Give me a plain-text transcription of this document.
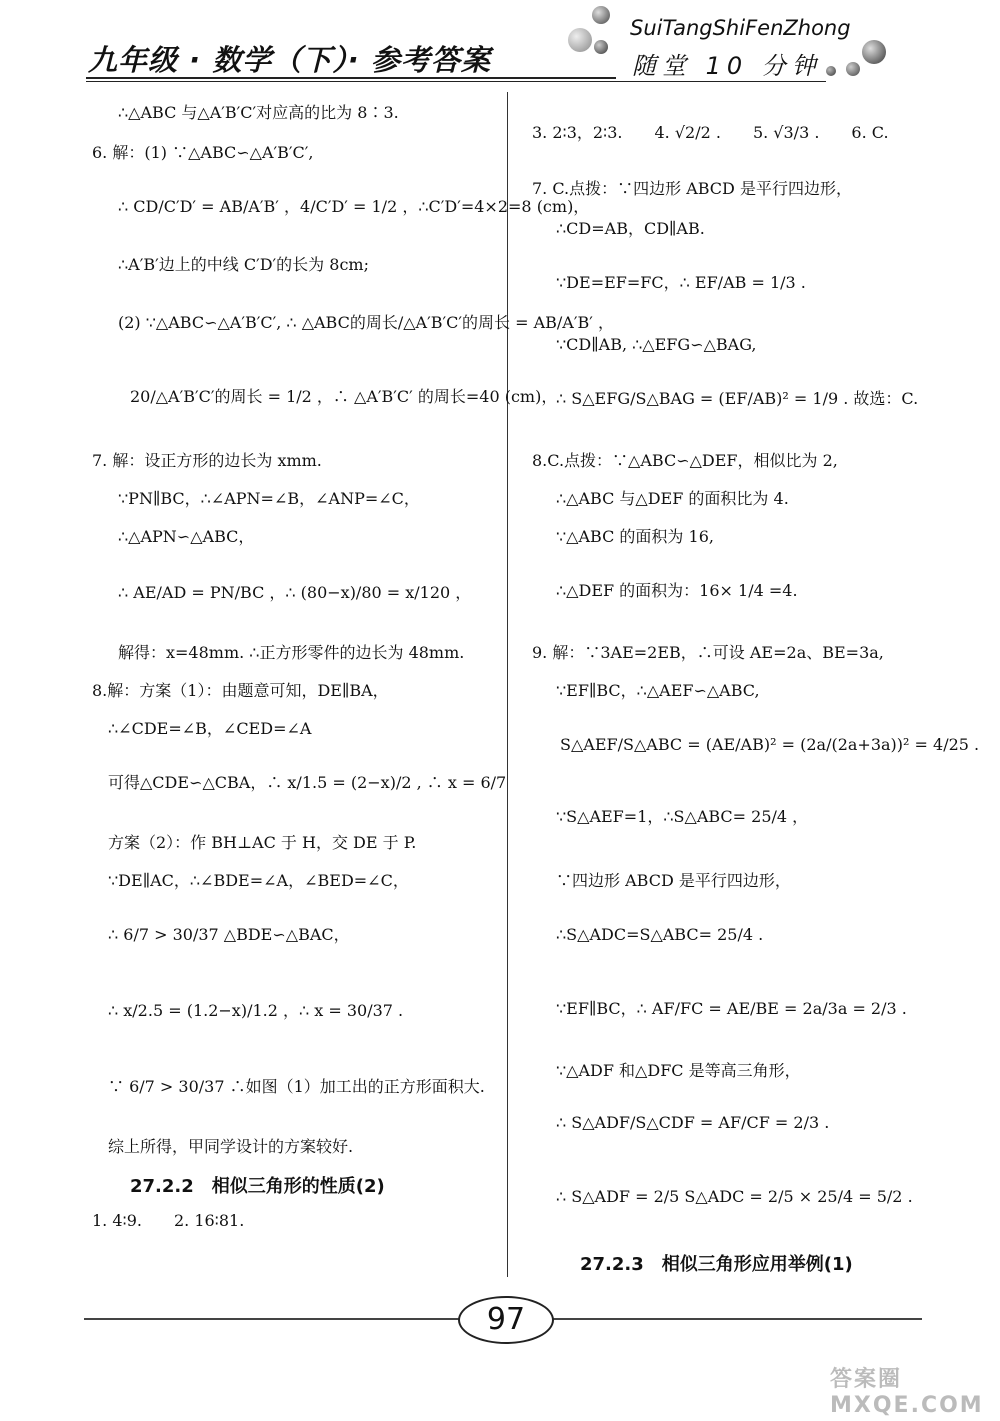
九年级 · 数学（下）· 参考答案
SuiTangShiFenZhong
随堂 10 分钟
∴△ABC 与△A′B′C′对应高的比为 8∶3.
6. 解：(1) ∵△ABC∽△A′B′C′,
∴ CD/C′D′ = AB/A′B′ ，4/C′D′ = 1/2 ，∴C′D′=4×2=8 (cm)，
∴A′B′边上的中线 C′D′的长为 8cm;
(2) ∵△ABC∽△A′B′C′, ∴ △ABC的周长/△A′B′C′的周长 = AB/A′B′ ，
20/△A′B′C′的周长 = 1/2 ，∴ △A′B′C′ 的周长=40 (cm)，
7. 解：设正方形的边长为 xmm.
∵PN∥BC，∴∠APN=∠B，∠ANP=∠C，
∴△APN∽△ABC，
∴ AE/AD = PN/BC ，∴ (80−x)/80 = x/120 ，
解得：x=48mm. ∴正方形零件的边长为 48mm.
8.解：方案（1）：由题意可知，DE∥BA，
∴∠CDE=∠B，∠CED=∠A
可得△CDE∽△CBA，∴ x/1.5 = (2−x)/2 , ∴ x = 6/7
方案（2）：作 BH⊥AC 于 H，交 DE 于 P.
∵DE∥AC，∴∠BDE=∠A，∠BED=∠C，
∴ 6/7 > 30/37 △BDE∽△BAC，
∴ x/2.5 = (1.2−x)/1.2 ，∴ x = 30/37 .
∵ 6/7 > 30/37 ∴如图（1）加工出的正方形面积大.
综上所得，甲同学设计的方案较好.
27.2.2　相似三角形的性质(2)
1. 4∶9.　　2. 16∶81.
3. 2∶3，2∶3.　　4. √2/2 .　　5. √3/3 .　　6. C.
7. C.点拨：∵四边形 ABCD 是平行四边形，
∴CD=AB，CD∥AB.
∵DE=EF=FC，∴ EF/AB = 1/3 .
∵CD∥AB, ∴△EFG∽△BAG,
∴ S△EFG/S△BAG = (EF/AB)² = 1/9 . 故选：C.
8.C.点拨：∵△ABC∽△DEF，相似比为 2,
∴△ABC 与△DEF 的面积比为 4.
∵△ABC 的面积为 16,
∴△DEF 的面积为：16× 1/4 =4.
9. 解：∵3AE=2EB，∴可设 AE=2a、BE=3a,
∵EF∥BC，∴△AEF∽△ABC,
S△AEF/S△ABC = (AE/AB)² = (2a/(2a+3a))² = 4/25 .
∵S△AEF=1，∴S△ABC= 25/4 ，
∵四边形 ABCD 是平行四边形，
∴S△ADC=S△ABC= 25/4 .
∵EF∥BC，∴ AF/FC = AE/BE = 2a/3a = 2/3 .
∵△ADF 和△DFC 是等高三角形，
∴ S△ADF/S△CDF = AF/CF = 2/3 .
∴ S△ADF = 2/5 S△ADC = 2/5 × 25/4 = 5/2 .
27.2.3　相似三角形应用举例(1)
97
答案圈 MXQE.COM
